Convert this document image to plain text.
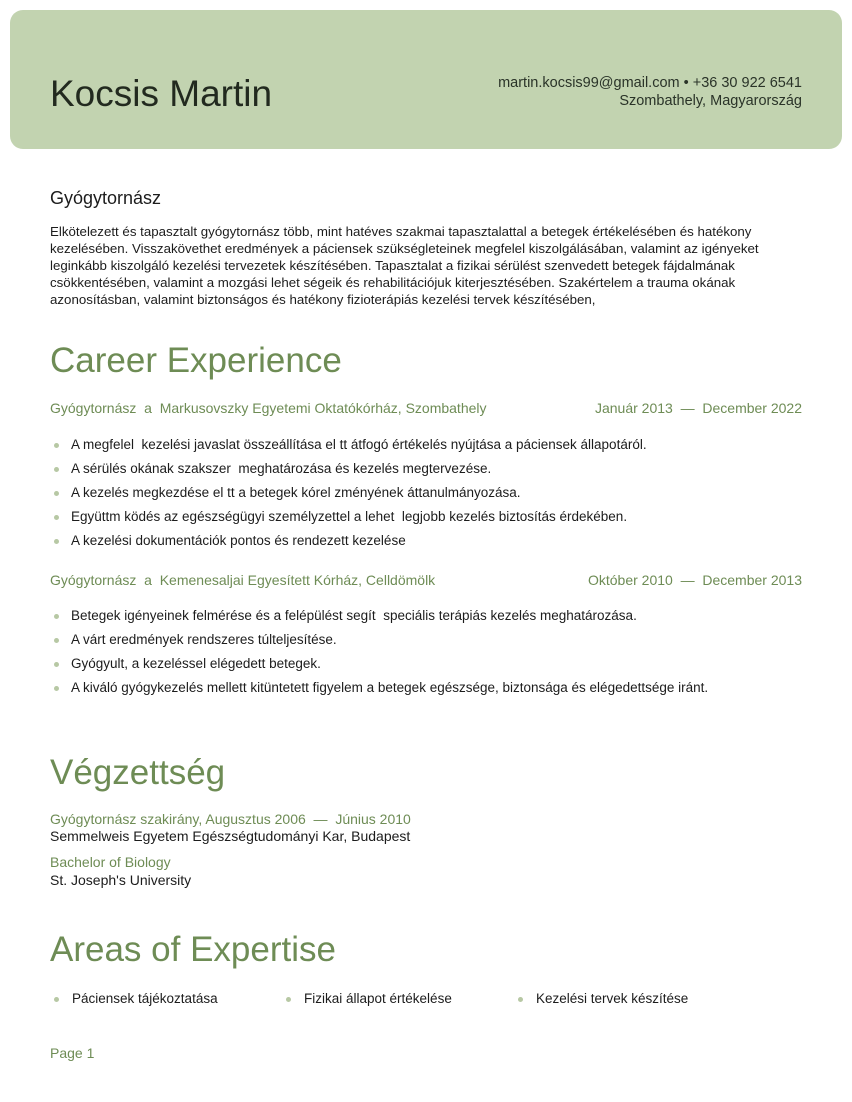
Kocsis Martin	martin.kocsis99@gmail.com • +36 30 922 6541
Szombathely, Magyarország
Gyógytornász

Elkötelezett és tapasztalt gyógytornász több, mint hatéves szakmai tapasztalattal a betegek értékelésében és hatékony kezelésében. Visszakövethet eredmények a páciensek szükségleteinek megfelel kiszolgálásában, valamint az igényeket leginkább kiszolgáló kezelési tervezetek készítésében. Tapasztalat a fizikai sérülést szenvedett betegek fájdalmának csökkentésében, valamint a mozgási lehet ségeik és rehabilitációjuk kiterjesztésében. Szakértelem a trauma okának azonosításban, valamint biztonságos és hatékony fizioterápiás kezelési tervek készítésében,

Career Experience
Gyógytornász  a  Markusovszky Egyetemi Oktatókórház, Szombathely	Január 2013  —  December 2022
A megfelel  kezelési javaslat összeállítása el tt átfogó értékelés nyújtása a páciensek állapotáról.
A sérülés okának szakszer  meghatározása és kezelés megtervezése.
A kezelés megkezdése el tt a betegek kórel zményének áttanulmányozása.
Együttm ködés az egészségügyi személyzettel a lehet  legjobb kezelés biztosítás érdekében.
A kezelési dokumentációk pontos és rendezett kezelése
Gyógytornász  a  Kemenesaljai Egyesített Kórház, Celldömölk	Október 2010  —  December 2013
Betegek igényeinek felmérése és a felépülést segít  speciális terápiás kezelés meghatározása.
A várt eredmények rendszeres túlteljesítése.
Gyógyult, a kezeléssel elégedett betegek.
A kiváló gyógykezelés mellett kitüntetett figyelem a betegek egészsége, biztonsága és elégedettsége iránt.
Végzettség
Gyógytornász szakirány, Augusztus 2006  —  Június 2010
Semmelweis Egyetem Egészségtudományi Kar, Budapest
Bachelor of Biology
St. Joseph's University
Areas of Expertise
Páciensek tájékoztatása	Fizikai állapot értékelése	Kezelési tervek készítése
Page 1
